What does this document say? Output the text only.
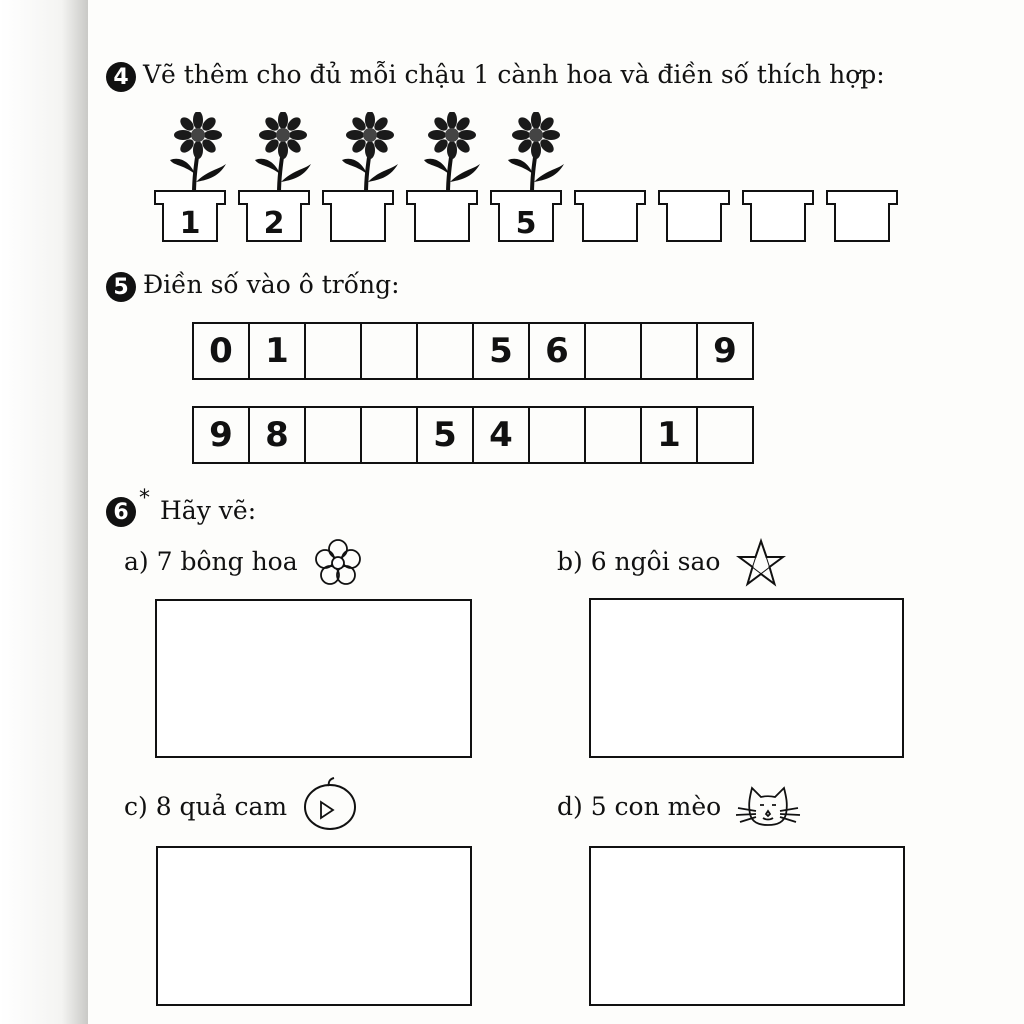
4 Vẽ thêm cho đủ mỗi chậu 1 cành hoa và điền số thích hợp:
1	2	5
5 Điền số vào ô trống:
0 1	5 6	9
9 8	5 4	1
6
* Hãy vẽ:
a) 7 bông hoa	b) 6 ngôi sao
c) 8 quả cam	d) 5 con mèo
